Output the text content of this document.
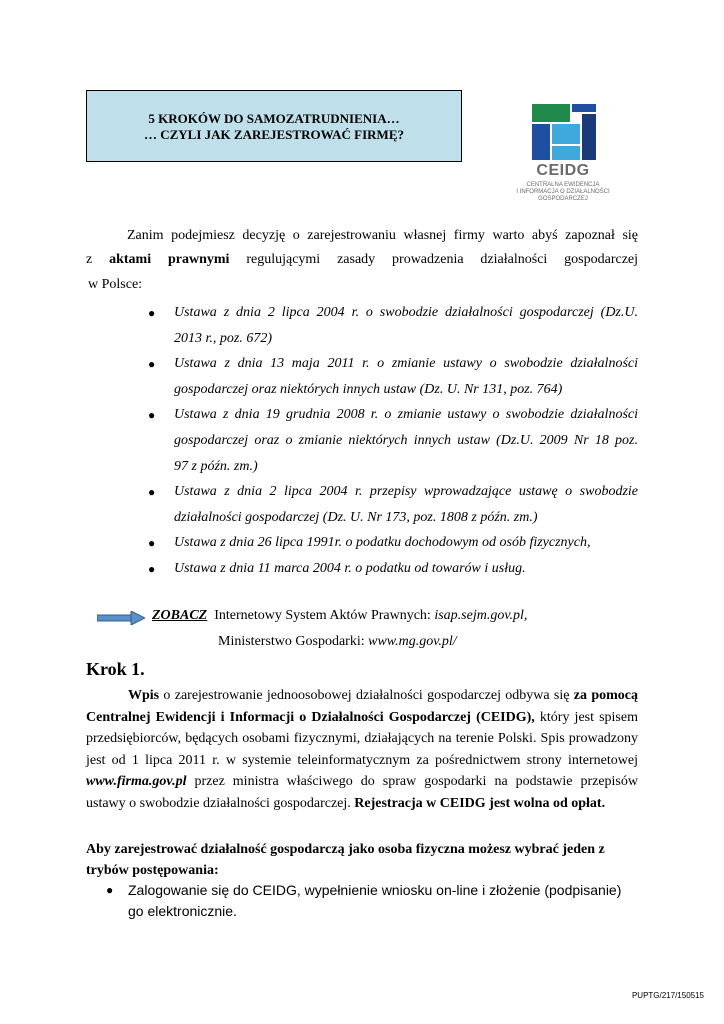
5 KROKÓW DO SAMOZATRUDNIENIA…
… CZYLI JAK ZAREJESTROWAĆ FIRMĘ?
CEIDG
CENTRALNA EWIDENCJA
I INFORMACJA O DZIAŁALNOŚCI
GOSPODARCZEJ
Zanim podejmiesz decyzję o zarejestrowaniu własnej firmy warto abyś zapoznał się
z aktami prawnymi regulującymi zasady prowadzenia działalności gospodarczej
w Polsce:
● Ustawa z dnia 2 lipca 2004 r. o swobodzie działalności gospodarczej (Dz.U.
2013 r., poz. 672)
● Ustawa z dnia 13 maja 2011 r. o zmianie ustawy o swobodzie działalności
gospodarczej oraz niektórych innych ustaw (Dz. U. Nr 131, poz. 764)
● Ustawa z dnia 19 grudnia 2008 r. o zmianie ustawy o swobodzie działalności
gospodarczej oraz o zmianie niektórych innych ustaw (Dz.U. 2009 Nr 18 poz.
97 z późn. zm.)
● Ustawa z dnia 2 lipca 2004 r. przepisy wprowadzające ustawę o swobodzie
działalności gospodarczej (Dz. U. Nr 173, poz. 1808 z późn. zm.)
● Ustawa z dnia 26 lipca 1991r. o podatku dochodowym od osób fizycznych,
● Ustawa z dnia 11 marca 2004 r. o podatku od towarów i usług.
ZOBACZ Internetowy System Aktów Prawnych: isap.sejm.gov.pl,
Ministerstwo Gospodarki: www.mg.gov.pl/
Krok 1.
Wpis o zarejestrowanie jednoosobowej działalności gospodarczej odbywa się za pomocą Centralnej Ewidencji i Informacji o Działalności Gospodarczej (CEIDG), który jest spisem przedsiębiorców, będących osobami fizycznymi, działających na terenie Polski. Spis prowadzony jest od 1 lipca 2011 r. w systemie teleinformatycznym za pośrednictwem strony internetowej www.firma.gov.pl przez ministra właściwego do spraw gospodarki na podstawie przepisów ustawy o swobodzie działalności gospodarczej. Rejestracja w CEIDG jest wolna od opłat.
Aby zarejestrować działalność gospodarczą jako osoba fizyczna możesz wybrać jeden z trybów postępowania:
● Zalogowanie się do CEIDG, wypełnienie wniosku on-line i złożenie (podpisanie) go elektronicznie.
PUPTG/217/150515
